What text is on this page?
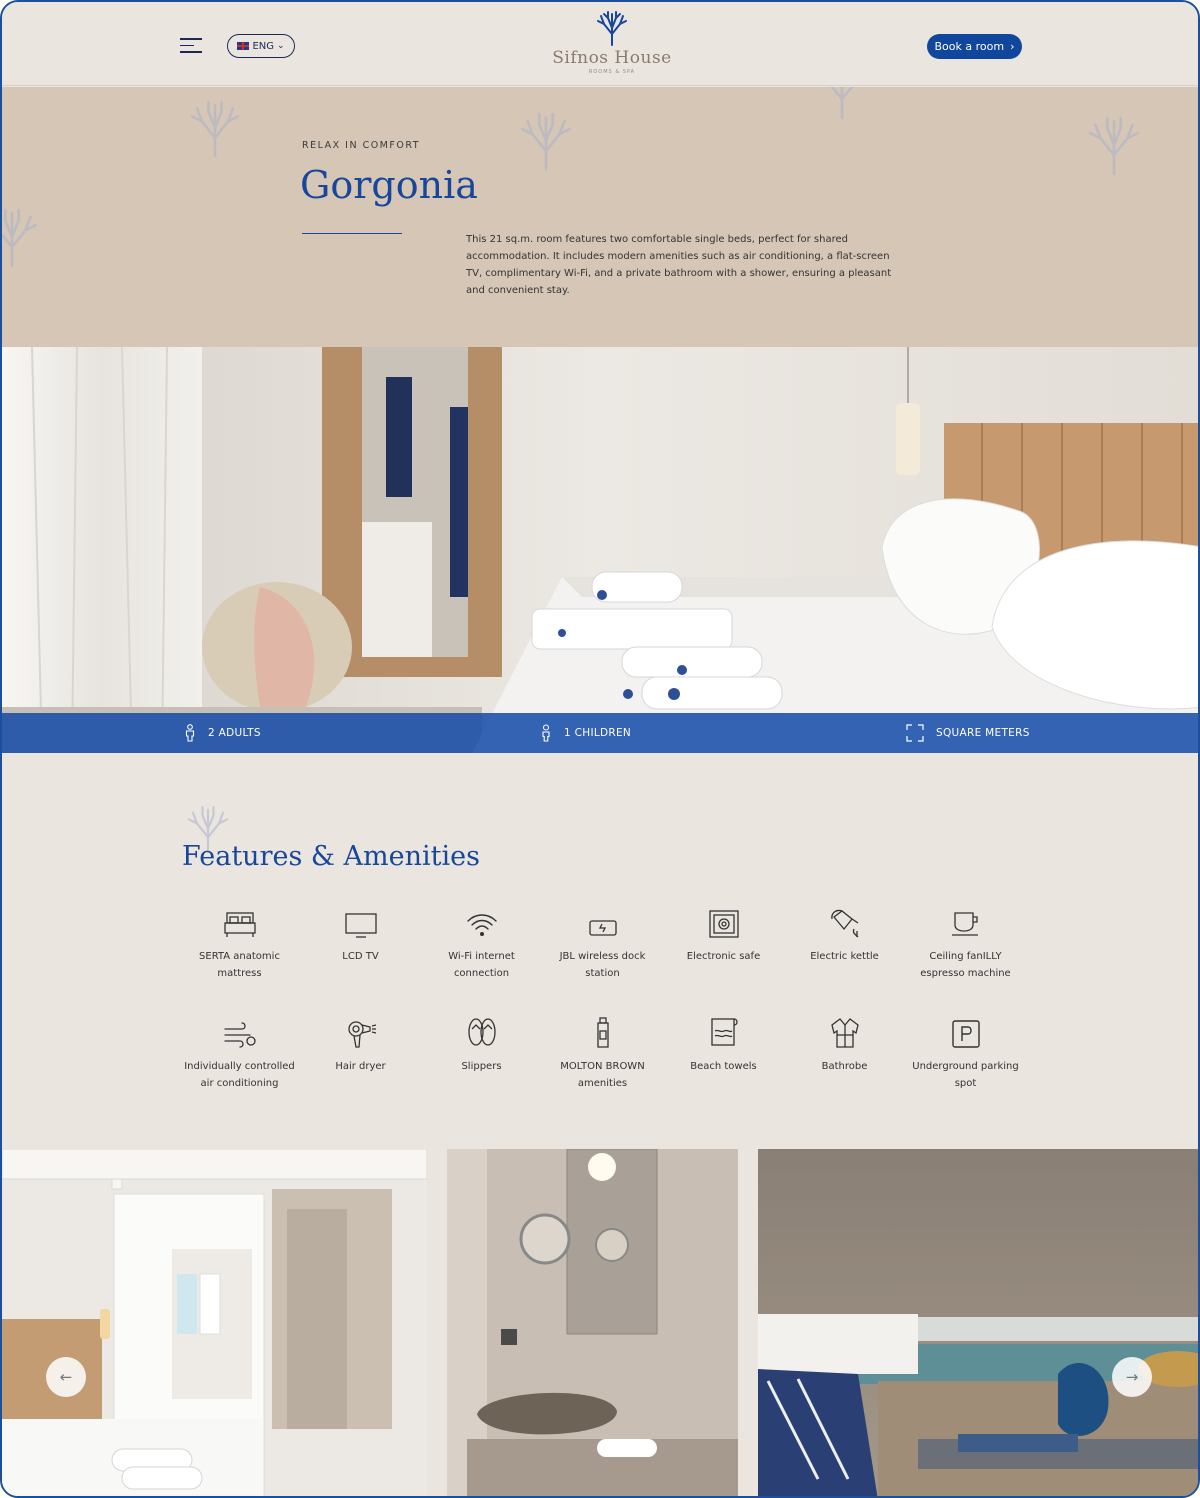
ENG ⌄
Sifnos House
ROOMS & SPA
Book a room ›
RELAX IN COMFORT
Gorgonia
This 21 sq.m. room features two comfortable single beds, perfect for shared accommodation. It includes modern amenities such as air conditioning, a flat-screen TV, complimentary Wi-Fi, and a private bathroom with a shower, ensuring a pleasant and convenient stay.
2 ADULTS	1 CHILDREN	SQUARE METERS
Features & Amenities
SERTA anatomic mattress
LCD TV	Wi-Fi internet connection
JBL wireless dock station
Electronic safe	Electric kettle	Ceiling fanILLY espresso machine
Individually controlled air conditioning
Hair dryer	Slippers	MOLTON BROWN amenities
Beach towels	Bathrobe	Underground parking spot
←	→
